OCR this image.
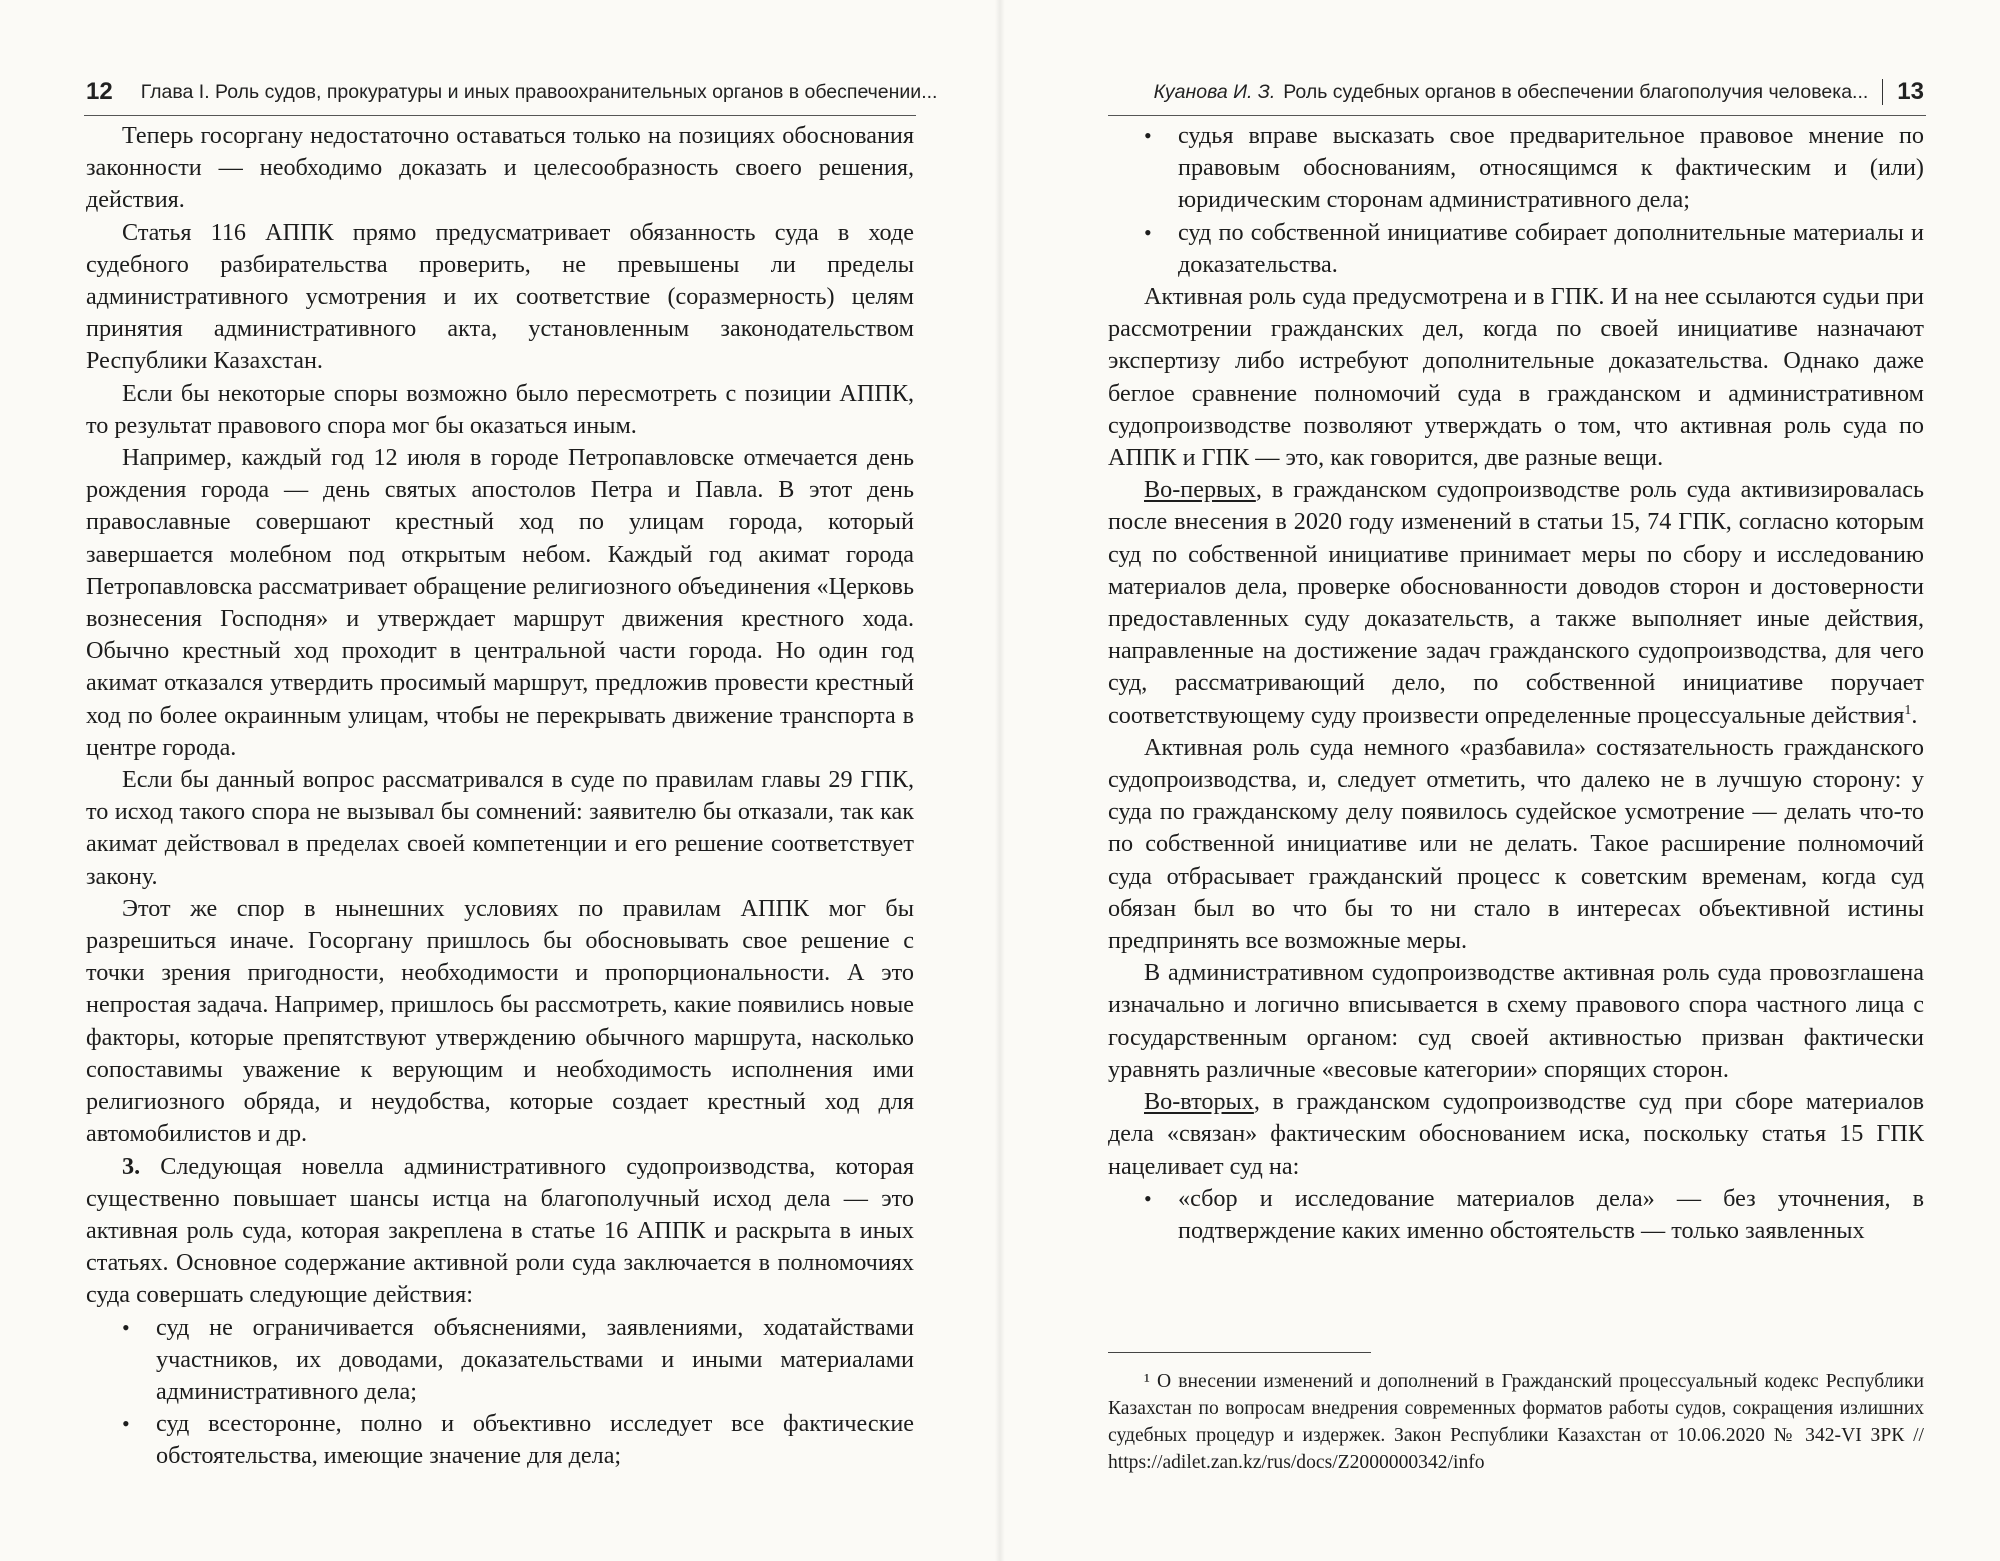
12 Глава I. Роль судов, прокуратуры и иных правоохранительных органов в обеспечении...

Теперь госоргану недостаточно оставаться только на позициях обоснования законности — необходимо доказать и целесообразность своего решения, действия.

Статья 116 АППК прямо предусматривает обязанность суда в ходе судебного разбирательства проверить, не превышены ли пределы административного усмотрения и их соответствие (соразмерность) целям принятия административного акта, установленным законодательством Республики Казахстан.

Если бы некоторые споры возможно было пересмотреть с позиции АППК, то результат правового спора мог бы оказаться иным.

Например, каждый год 12 июля в городе Петропавловске отмечается день рождения города — день святых апостолов Петра и Павла. В этот день православные совершают крестный ход по улицам города, который завершается молебном под открытым небом. Каждый год акимат города Петропавловска рассматривает обращение религиозного объединения «Церковь вознесения Господня» и утверждает маршрут движения крестного хода. Обычно крестный ход проходит в центральной части города. Но один год акимат отказался утвердить просимый маршрут, предложив провести крестный ход по более окраинным улицам, чтобы не перекрывать движение транспорта в центре города.

Если бы данный вопрос рассматривался в суде по правилам главы 29 ГПК, то исход такого спора не вызывал бы сомнений: заявителю бы отказали, так как акимат действовал в пределах своей компетенции и его решение соответствует закону.

Этот же спор в нынешних условиях по правилам АППК мог бы разрешиться иначе. Госоргану пришлось бы обосновывать свое решение с точки зрения пригодности, необходимости и пропорциональности. А это непростая задача. Например, пришлось бы рассмотреть, какие появились новые факторы, которые препятствуют утверждению обычного маршрута, насколько сопоставимы уважение к верующим и необходимость исполнения ими религиозного обряда, и неудобства, которые создает крестный ход для автомобилистов и др.

3. Следующая новелла административного судопроизводства, которая существенно повышает шансы истца на благополучный исход дела — это активная роль суда, которая закреплена в статье 16 АППК и раскрыта в иных статьях. Основное содержание активной роли суда заключается в полномочиях суда совершать следующие действия:

• суд не ограничивается объяснениями, заявлениями, ходатайствами участников, их доводами, доказательствами и иными материалами административного дела;
• суд всесторонне, полно и объективно исследует все фактические обстоятельства, имеющие значение для дела;
Куанова И. З. Роль судебных органов в обеспечении благополучия человека... 13
• судья вправе высказать свое предварительное правовое мнение по правовым обоснованиям, относящимся к фактическим и (или) юридическим сторонам административного дела;
• суд по собственной инициативе собирает дополнительные материалы и доказательства.

Активная роль суда предусмотрена и в ГПК. И на нее ссылаются судьи при рассмотрении гражданских дел, когда по своей инициативе назначают экспертизу либо истребуют дополнительные доказательства. Однако даже беглое сравнение полномочий суда в гражданском и административном судопроизводстве позволяют утверждать о том, что активная роль суда по АППК и ГПК — это, как говорится, две разные вещи.

Во-первых, в гражданском судопроизводстве роль суда активизировалась после внесения в 2020 году изменений в статьи 15, 74 ГПК, согласно которым суд по собственной инициативе принимает меры по сбору и исследованию материалов дела, проверке обоснованности доводов сторон и достоверности предоставленных суду доказательств, а также выполняет иные действия, направленные на достижение задач гражданского судопроизводства, для чего суд, рассматривающий дело, по собственной инициативе поручает соответствующему суду произвести определенные процессуальные действия$^1$.

Активная роль суда немного «разбавила» состязательность гражданского судопроизводства, и, следует отметить, что далеко не в лучшую сторону: у суда по гражданскому делу появилось судейское усмотрение — делать что-то по собственной инициативе или не делать. Такое расширение полномочий суда отбрасывает гражданский процесс к советским временам, когда суд обязан был во что бы то ни стало в интересах объективной истины предпринять все возможные меры.

В административном судопроизводстве активная роль суда провозглашена изначально и логично вписывается в схему правового спора частного лица с государственным органом: суд своей активностью призван фактически уравнять различные «весовые категории» спорящих сторон.

Во-вторых, в гражданском судопроизводстве суд при сборе материалов дела «связан» фактическим обоснованием иска, поскольку статья 15 ГПК нацеливает суд на:

• «сбор и исследование материалов дела» — без уточнения, в подтверждение каких именно обстоятельств — только заявленных

¹ О внесении изменений и дополнений в Гражданский процессуальный кодекс Республики Казахстан по вопросам внедрения современных форматов работы судов, сокращения излишних судебных процедур и издержек. Закон Республики Казахстан от 10.06.2020 № 342-VI ЗРК // https://adilet.zan.kz/rus/docs/Z2000000342/info
